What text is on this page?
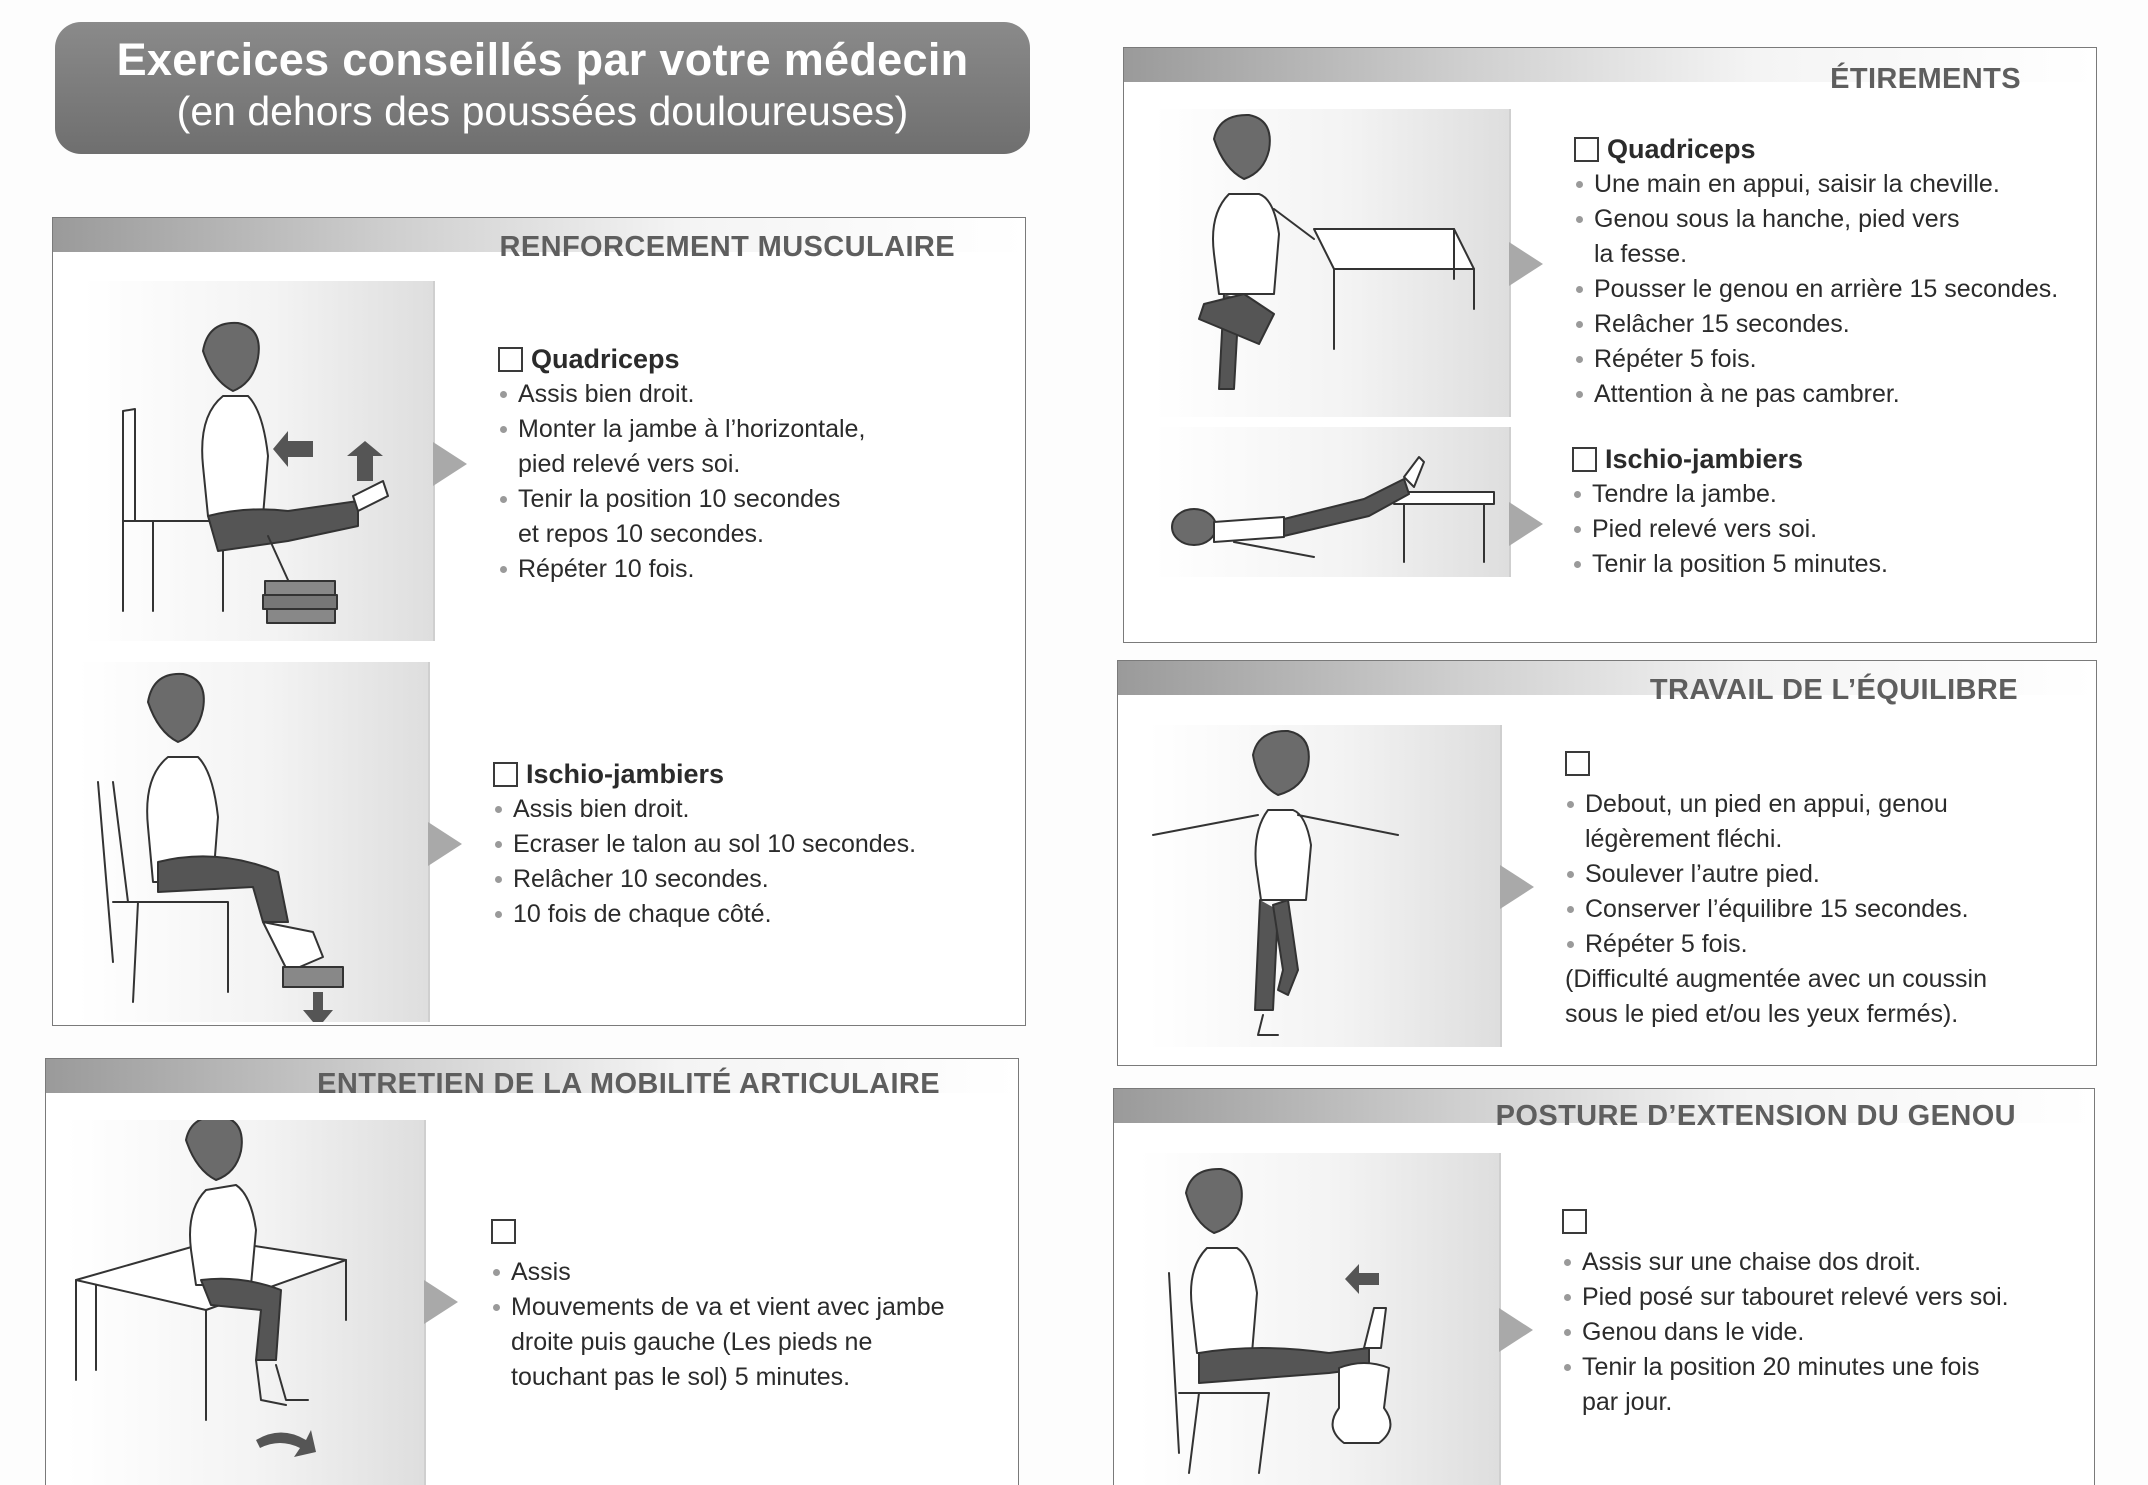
Exercices conseillés par votre médecin
(en dehors des poussées douloureuses)
RENFORCEMENT MUSCULAIRE
Quadriceps
Assis bien droit.
Monter la jambe à l’horizontale,
pied relevé vers soi.
Tenir la position 10 secondes
et repos 10 secondes.
Répéter 10 fois.
Ischio-jambiers
Assis bien droit.
Ecraser le talon au sol 10 secondes.
Relâcher 10 secondes.
10 fois de chaque côté.
ENTRETIEN DE LA MOBILITÉ ARTICULAIRE
Assis
Mouvements de va et vient avec jambe
droite puis gauche (Les pieds ne
touchant pas le sol) 5 minutes.
ÉTIREMENTS
Quadriceps
Une main en appui, saisir la cheville.
Genou sous la hanche, pied vers
la fesse.
Pousser le genou en arrière 15 secondes.
Relâcher 15 secondes.
Répéter 5 fois.
Attention à ne pas cambrer.
Ischio-jambiers
Tendre la jambe.
Pied relevé vers soi.
Tenir la position 5 minutes.
TRAVAIL DE L’ÉQUILIBRE
Debout, un pied en appui, genou
légèrement fléchi.
Soulever l’autre pied.
Conserver l’équilibre 15 secondes.
Répéter 5 fois.
(Difficulté augmentée avec un coussin
sous le pied et/ou les yeux fermés).
POSTURE D’EXTENSION DU GENOU
Assis sur une chaise dos droit.
Pied posé sur tabouret relevé vers soi.
Genou dans le vide.
Tenir la position 20 minutes une fois
par jour.
